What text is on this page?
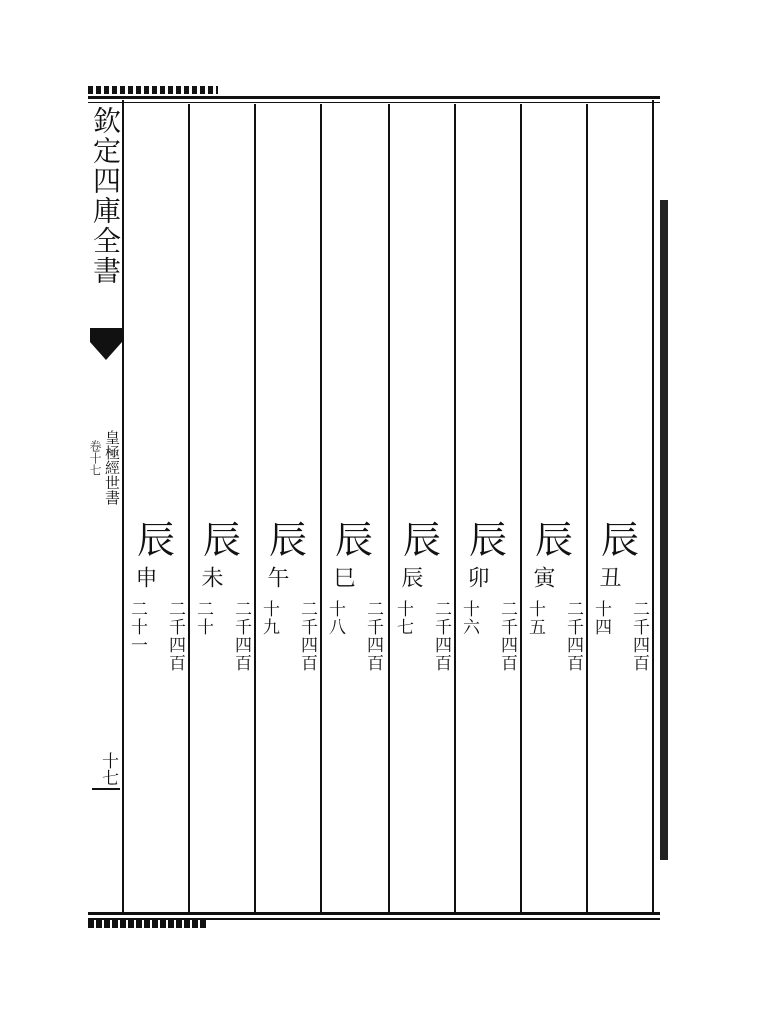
欽定四庫全書
皇極經世書
卷十七
十七
辰
丑
二千四百
十四
辰
寅
二千四百
十五
辰
卯
二千四百
十六
辰
辰
二千四百
十七
辰
巳
二千四百
十八
辰
午
二千四百
十九
辰
未
二千四百
二十
辰
申
二千四百
二十一
